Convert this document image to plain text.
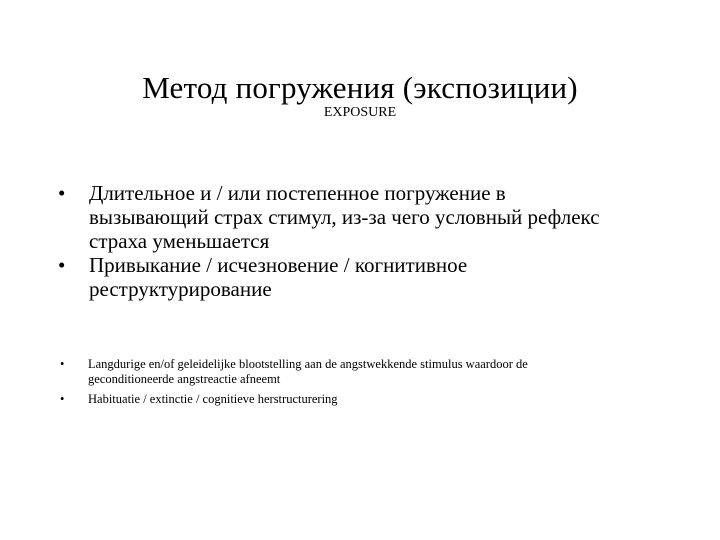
Метод погружения (экспозиции)
EXPOSURE
• Длительное и / или постепенное погружение в вызывающий страх стимул, из-за чего условный рефлекс страха уменьшается
• Привыкание / исчезновение / когнитивное реструктурирование
• Langdurige en/of geleidelijke blootstelling aan de angstwekkende stimulus waardoor de geconditioneerde angstreactie afneemt
• Habituatie / extinctie / cognitieve herstructurering
